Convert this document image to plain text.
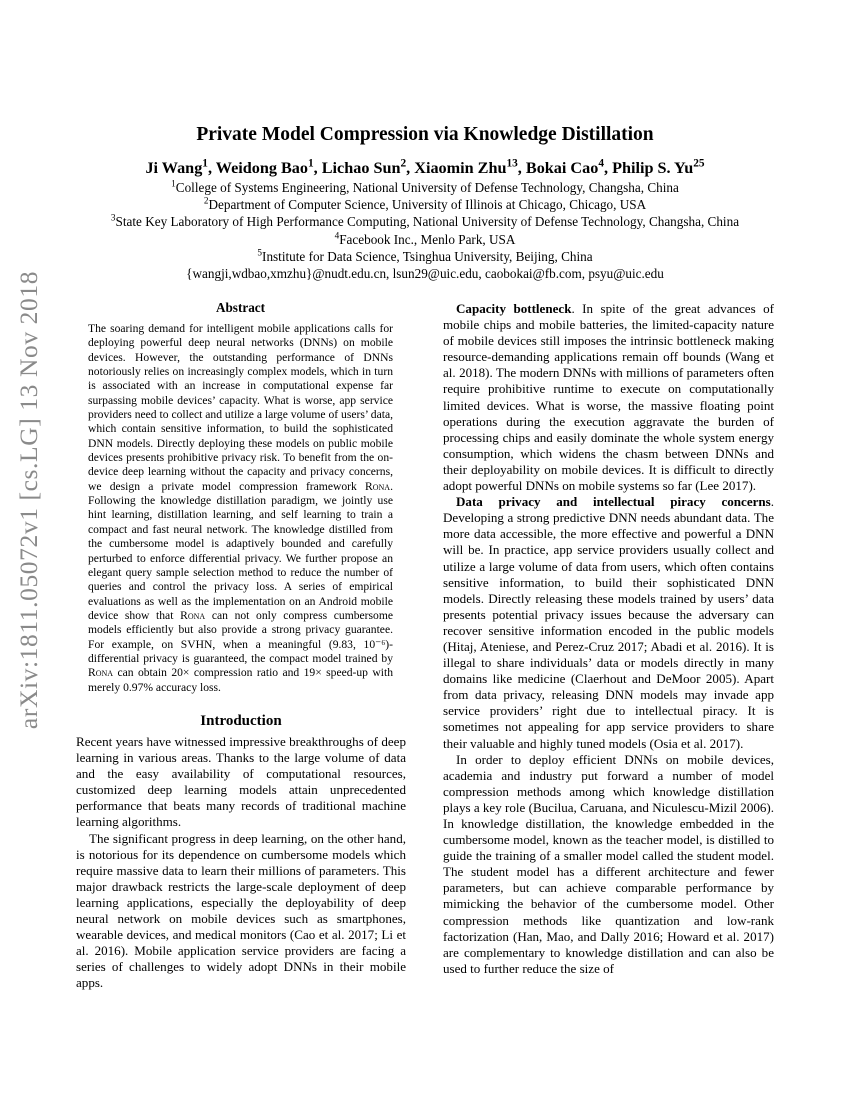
arXiv:1811.05072v1 [cs.LG] 13 Nov 2018
Private Model Compression via Knowledge Distillation
Ji Wang$^1$, Weidong Bao$^1$, Lichao Sun$^2$, Xiaomin Zhu$^{13}$, Bokai Cao$^4$, Philip S. Yu$^{25}$
$^1$College of Systems Engineering, National University of Defense Technology, Changsha, China
$^2$Department of Computer Science, University of Illinois at Chicago, Chicago, USA
$^3$State Key Laboratory of High Performance Computing, National University of Defense Technology, Changsha, China
$^4$Facebook Inc., Menlo Park, USA
$^5$Institute for Data Science, Tsinghua University, Beijing, China
{wangji,wdbao,xmzhu}@nudt.edu.cn, lsun29@uic.edu, caobokai@fb.com, psyu@uic.edu
Abstract

The soaring demand for intelligent mobile applications calls for deploying powerful deep neural networks (DNNs) on mobile devices. However, the outstanding performance of DNNs notoriously relies on increasingly complex models, which in turn is associated with an increase in computational expense far surpassing mobile devices’ capacity. What is worse, app service providers need to collect and utilize a large volume of users’ data, which contain sensitive information, to build the sophisticated DNN models. Directly deploying these models on public mobile devices presents prohibitive privacy risk. To benefit from the on-device deep learning without the capacity and privacy concerns, we design a private model compression framework Rona. Following the knowledge distillation paradigm, we jointly use hint learning, distillation learning, and self learning to train a compact and fast neural network. The knowledge distilled from the cumbersome model is adaptively bounded and carefully perturbed to enforce differential privacy. We further propose an elegant query sample selection method to reduce the number of queries and control the privacy loss. A series of empirical evaluations as well as the implementation on an Android mobile device show that Rona can not only compress cumbersome models efficiently but also provide a strong privacy guarantee. For example, on SVHN, when a meaningful (9.83, 10⁻⁶)-differential privacy is guaranteed, the compact model trained by Rona can obtain 20× compression ratio and 19× speed-up with merely 0.97% accuracy loss.

Introduction

Recent years have witnessed impressive breakthroughs of deep learning in various areas. Thanks to the large volume of data and the easy availability of computational resources, customized deep learning models attain unprecedented performance that beats many records of traditional machine learning algorithms.

The significant progress in deep learning, on the other hand, is notorious for its dependence on cumbersome models which require massive data to learn their millions of parameters. This major drawback restricts the large-scale deployment of deep learning applications, especially the deployability of deep neural network on mobile devices such as smartphones, wearable devices, and medical monitors (Cao et al. 2017; Li et al. 2016). Mobile application service providers are facing a series of challenges to widely adopt DNNs in their mobile apps.

Capacity bottleneck. In spite of the great advances of mobile chips and mobile batteries, the limited-capacity nature of mobile devices still imposes the intrinsic bottleneck making resource-demanding applications remain off bounds (Wang et al. 2018). The modern DNNs with millions of parameters often require prohibitive runtime to execute on computationally limited devices. What is worse, the massive floating point operations during the execution aggravate the burden of processing chips and easily dominate the whole system energy consumption, which widens the chasm between DNNs and their deployability on mobile devices. It is difficult to directly adopt powerful DNNs on mobile systems so far (Lee 2017).

Data privacy and intellectual piracy concerns. Developing a strong predictive DNN needs abundant data. The more data accessible, the more effective and powerful a DNN will be. In practice, app service providers usually collect and utilize a large volume of data from users, which often contains sensitive information, to build their sophisticated DNN models. Directly releasing these models trained by users’ data presents potential privacy issues because the adversary can recover sensitive information encoded in the public models (Hitaj, Ateniese, and Perez-Cruz 2017; Abadi et al. 2016). It is illegal to share individuals’ data or models directly in many domains like medicine (Claerhout and DeMoor 2005). Apart from data privacy, releasing DNN models may invade app service providers’ right due to intellectual piracy. It is sometimes not appealing for app service providers to share their valuable and highly tuned models (Osia et al. 2017).

In order to deploy efficient DNNs on mobile devices, academia and industry put forward a number of model compression methods among which knowledge distillation plays a key role (Bucilua, Caruana, and Niculescu-Mizil 2006). In knowledge distillation, the knowledge embedded in the cumbersome model, known as the teacher model, is distilled to guide the training of a smaller model called the student model. The student model has a different architecture and fewer parameters, but can achieve comparable performance by mimicking the behavior of the cumbersome model. Other compression methods like quantization and low-rank factorization (Han, Mao, and Dally 2016; Howard et al. 2017) are complementary to knowledge distillation and can also be used to further reduce the size of
